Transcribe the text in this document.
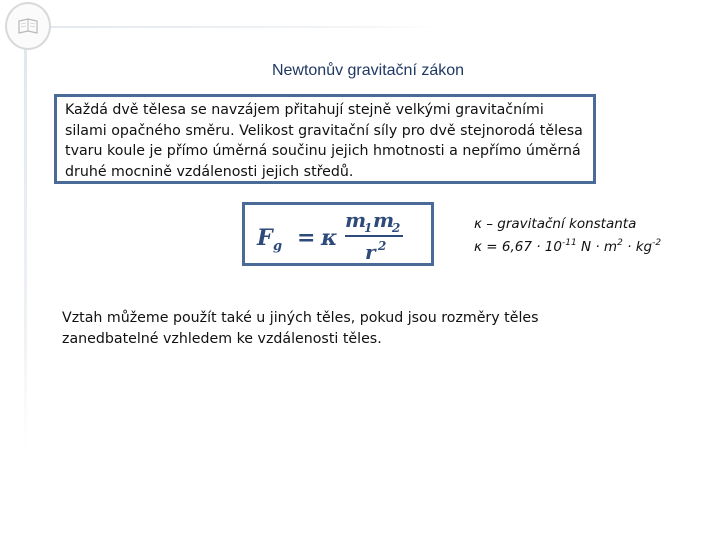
Newtonův gravitační zákon
Každá dvě tělesa se navzájem přitahují stejně velkými gravitačními silami opačného směru. Velikost gravitační síly pro dvě stejnorodá tělesa tvaru koule je přímo úměrná součinu jejich hmotnosti a nepřímo úměrná druhé mocnině vzdálenosti jejich středů.
F g = κ
m
1 m
2
r 2
κ – gravitační konstanta
$\kappa = 6,67 \cdot 10^{-11}$ $N \cdot m^2 \cdot kg^{-2}$
Vztah můžeme použít také u jiných těles, pokud jsou rozměry těles zanedbatelné vzhledem ke vzdálenosti těles.
